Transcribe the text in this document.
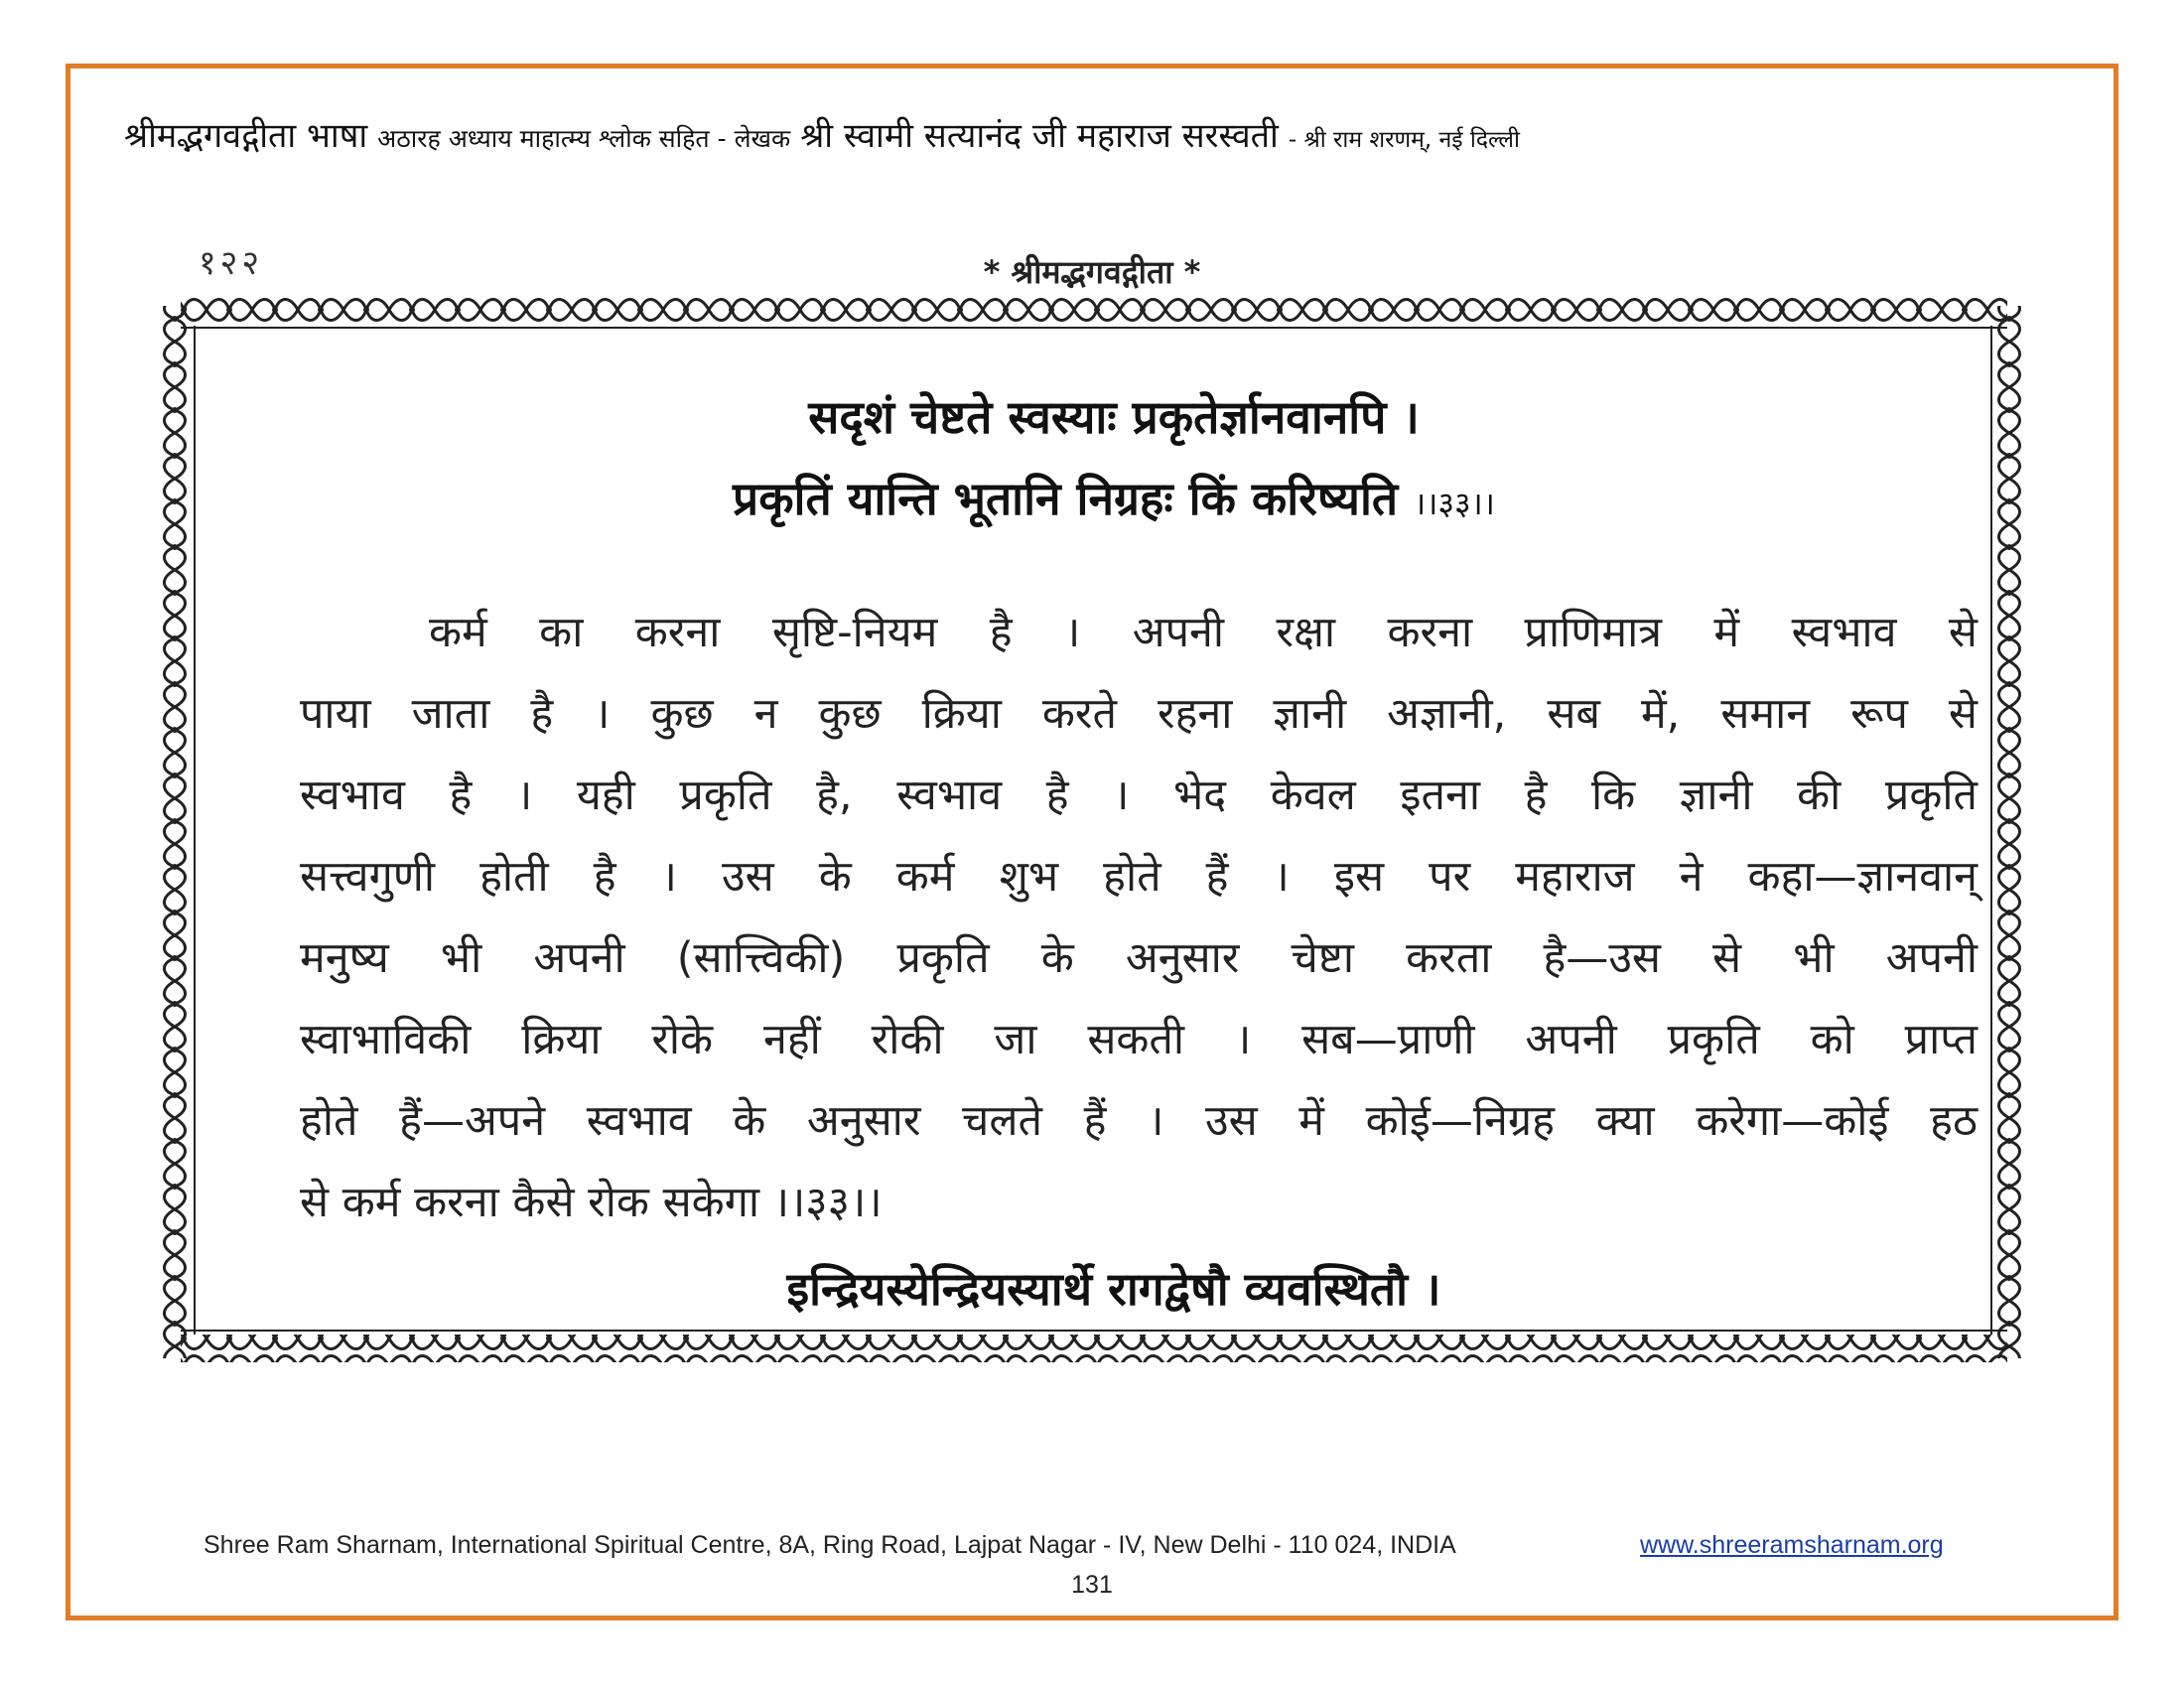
श्रीमद्भगवद्गीता भाषा अठारह अध्याय माहात्म्य श्लोक सहित - लेखक श्री स्वामी सत्यानंद जी महाराज सरस्वती - श्री राम शरणम्, नई दिल्ली
१२२	* श्रीमद्भगवद्गीता *
सदृशं चेष्टते स्वस्याः प्रकृतेर्ज्ञानवानपि ।
प्रकृतिं यान्ति भूतानि निग्रहः किं करिष्यति ।।३३।।
कर्म का करना सृष्टि-नियम है । अपनी रक्षा करना प्राणिमात्र में स्वभाव से
पाया जाता है । कुछ न कुछ क्रिया करते रहना ज्ञानी अज्ञानी, सब में, समान रूप से
स्वभाव है । यही प्रकृति है, स्वभाव है । भेद केवल इतना है कि ज्ञानी की प्रकृति
सत्त्वगुणी होती है । उस के कर्म शुभ होते हैं । इस पर महाराज ने कहा—ज्ञानवान्
मनुष्य भी अपनी (सात्त्विकी) प्रकृति के अनुसार चेष्टा करता है—उस से भी अपनी
स्वाभाविकी क्रिया रोके नहीं रोकी जा सकती । सब—प्राणी अपनी प्रकृति को प्राप्त
होते हैं—अपने स्वभाव के अनुसार चलते हैं । उस में कोई—निग्रह क्या करेगा—कोई हठ
से कर्म करना कैसे रोक सकेगा ।।३३।।
इन्द्रियस्येन्द्रियस्यार्थे रागद्वेषौ व्यवस्थितौ ।
Shree Ram Sharnam, International Spiritual Centre, 8A, Ring Road, Lajpat Nagar - IV, New Delhi - 110 024, INDIA	www.shreeramsharnam.org
131
